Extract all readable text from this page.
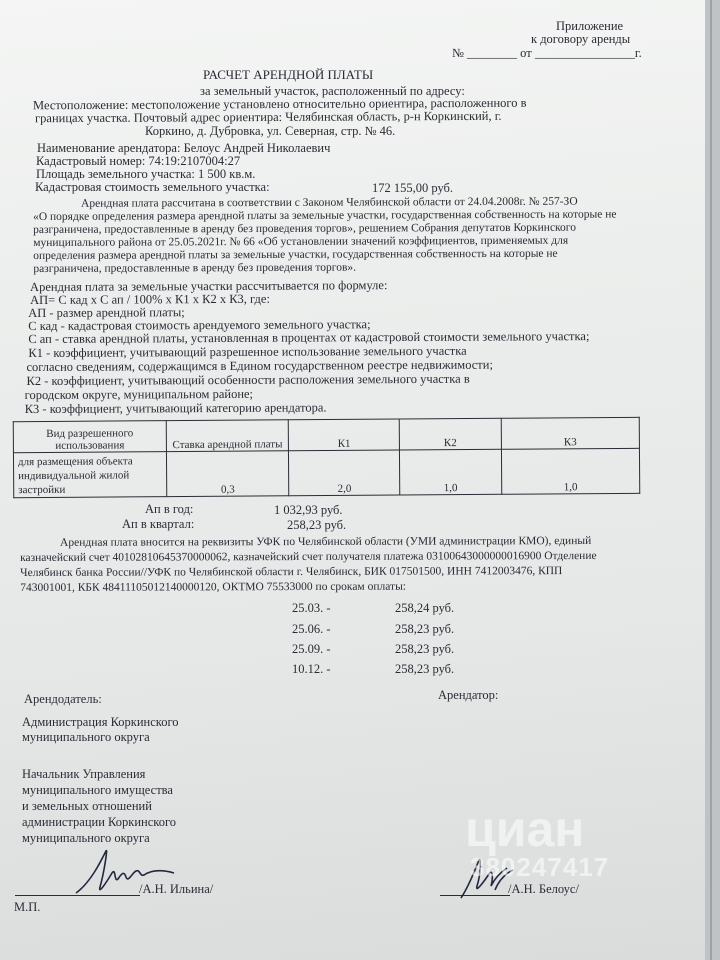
Приложение
к договору аренды
№ ________ от ________________г.
РАСЧЕТ АРЕНДНОЙ ПЛАТЫ
за земельный участок, расположенный по адресу:
Местоположение: местоположение установлено относительно ориентира, расположенного в
границах участка. Почтовый адрес ориентира: Челябинская область, р-н Коркинский, г.
Коркино, д. Дубровка, ул. Северная, стр. № 46.
Наименование арендатора: Белоус Андрей Николаевич
Кадастровый номер: 74:19:2107004:27
Площадь земельного участка: 1 500 кв.м.
Кадастровая стоимость земельного участка:	172 155,00 руб.
Арендная плата рассчитана в соответствии с Законом Челябинской области от 24.04.2008г. № 257-ЗО
«О порядке определения размера арендной платы за земельные участки, государственная собственность на которые не
разграничена, предоставленные в аренду без проведения торгов», решением Собрания депутатов Коркинского
муниципального района от 25.05.2021г. № 66 «Об установлении значений коэффициентов, применяемых для
определения размера арендной платы за земельные участки, государственная собственность на которые не
разграничена, предоставленные в аренду без проведения торгов».
Арендная плата за земельные участки рассчитывается по формуле:
АП= С кад х С ап / 100% х К1 х К2 х К3, где:
АП - размер арендной платы;
С кад - кадастровая стоимость арендуемого земельного участка;
С ап - ставка арендной платы, установленная в процентах от кадастровой стоимости земельного участка;
К1 - коэффициент, учитывающий разрешенное использование земельного участка
согласно сведениям, содержащимся в Едином государственном реестре недвижимости;
К2 - коэффициент, учитывающий особенности расположения земельного участка в
городском округе, муниципальном районе;
К3 - коэффициент, учитывающий категорию арендатора.
Вид разрешенного использования	Ставка арендной платы	К1	К2	К3
для размещения объекта индивидуальной жилой застройки	0,3	2,0	1,0	1,0
Ап в год:	1 032,93 руб.
Ап в квартал:	258,23 руб.
Арендная плата вносится на реквизиты УФК по Челябинской области (УМИ администрации КМО), единый
казначейский счет 40102810645370000062, казначейский счет получателя платежа 03100643000000016900 Отделение
Челябинск банка России//УФК по Челябинской области г. Челябинск, БИК 017501500, ИНН 7412003476, КПП
743001001, КБК 48411105012140000120, ОКТМО 75533000 по срокам оплаты:
25.03. -	258,24 руб.
25.06. -	258,23 руб.
25.09. -	258,23 руб.
10.12. -	258,23 руб.
Арендатор:
Арендодатель:
Администрация Коркинского
муниципального округа
Начальник Управления
муниципального имущества
и земельных отношений
администрации Коркинского
муниципального округа
/А.Н. Ильина/
М.П.
/А.Н. Белоус/
циан
380247417
